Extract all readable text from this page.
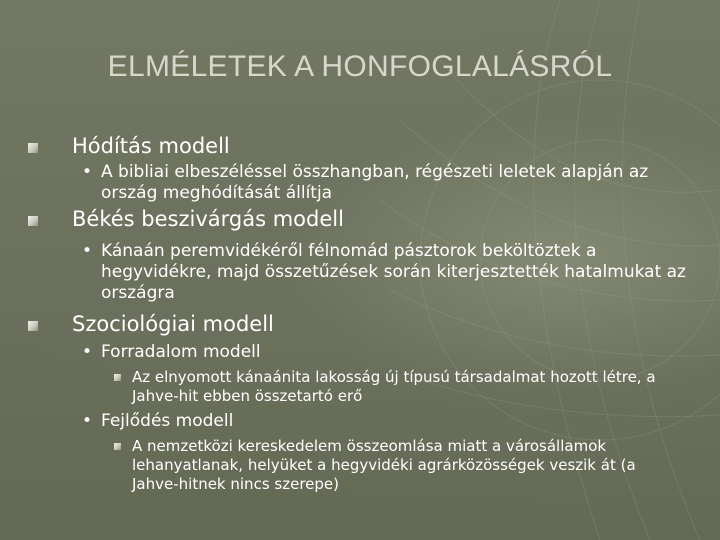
ELMÉLETEK A HONFOGLALÁSRÓL
Hódítás modell
• A bibliai elbeszéléssel összhangban, régészeti leletek alapján az ország meghódítását állítja
Békés beszivárgás modell
• Kánaán peremvidékéről félnomád pásztorok beköltöztek a hegyvidékre, majd összetűzések során kiterjesztették hatalmukat az országra
Szociológiai modell
• Forradalom modell
Az elnyomott kánaánita lakosság új típusú társadalmat hozott létre, a Jahve-hit ebben összetartó erő
• Fejlődés modell
A nemzetközi kereskedelem összeomlása miatt a városállamok lehanyatlanak, helyüket a hegyvidéki agrárközösségek veszik át (a Jahve-hitnek nincs szerepe)
